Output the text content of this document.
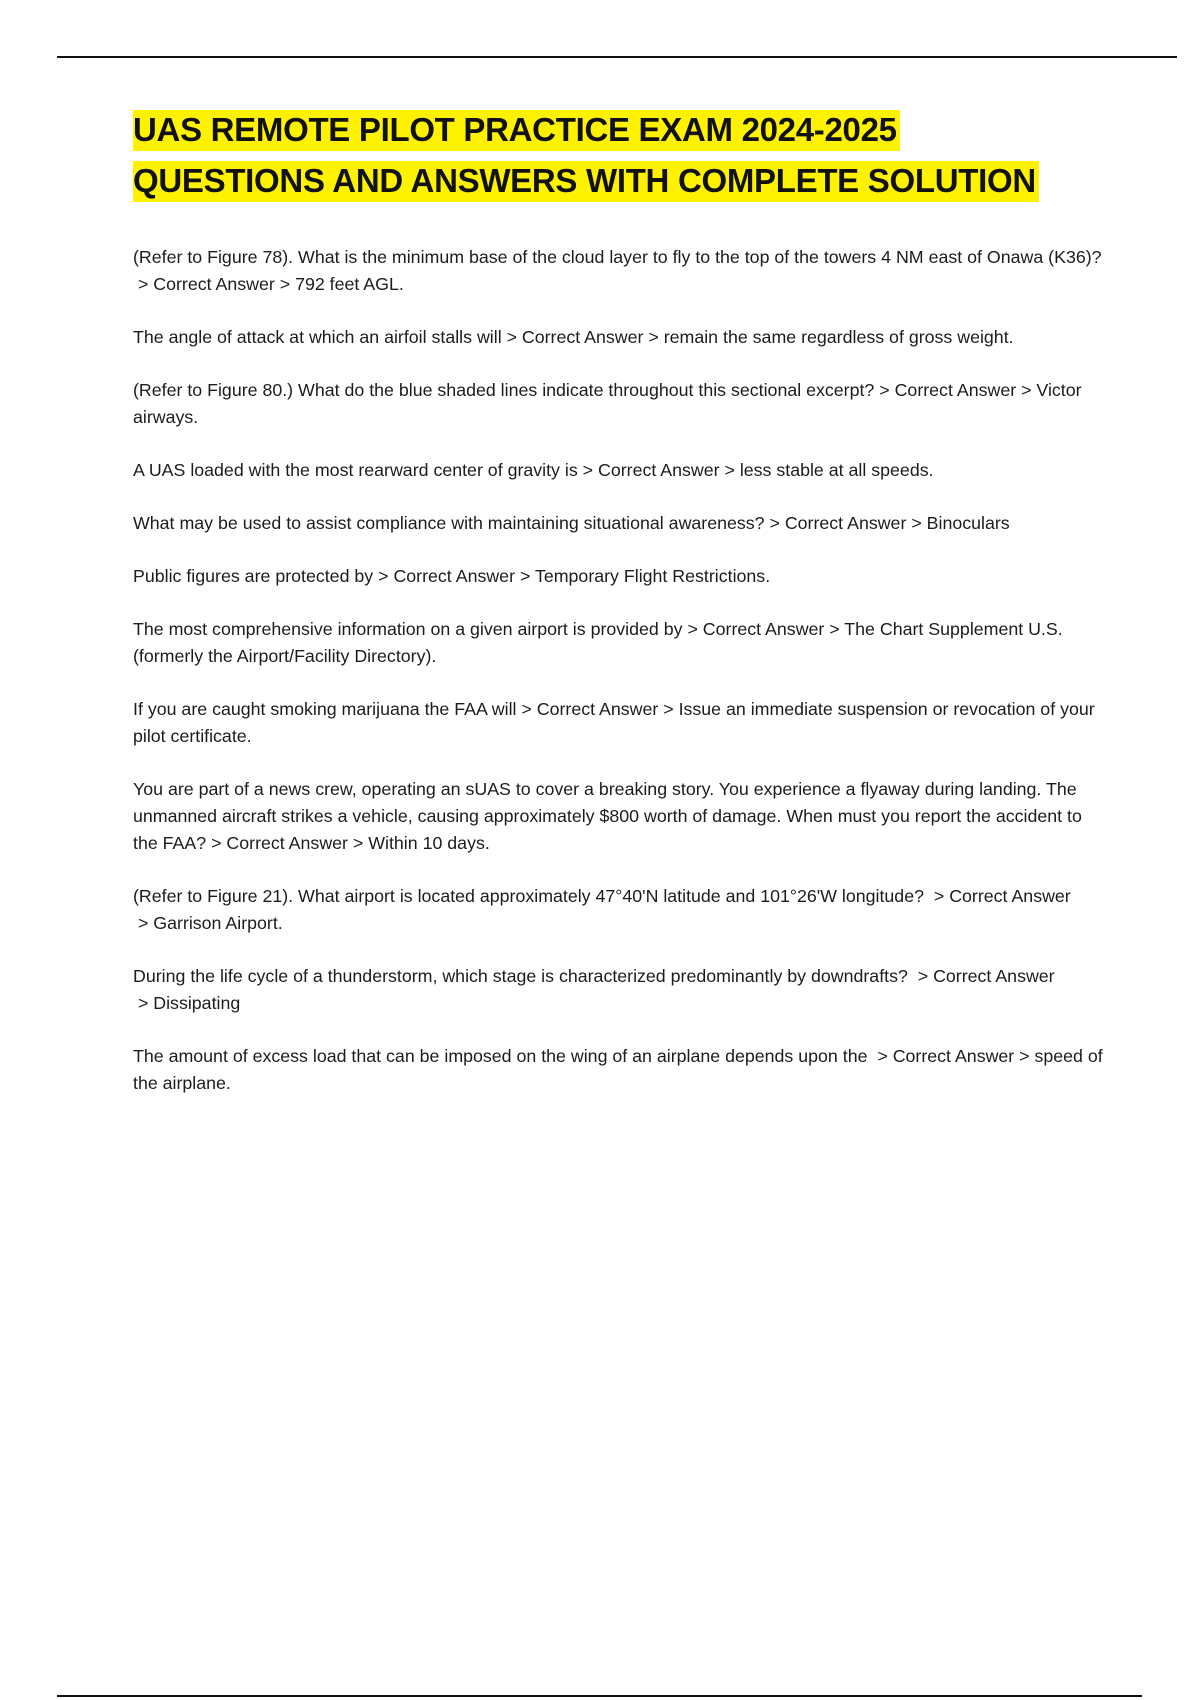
UAS REMOTE PILOT PRACTICE EXAM 2024-2025
QUESTIONS AND ANSWERS WITH COMPLETE SOLUTION
(Refer to Figure 78). What is the minimum base of the cloud layer to fly to the top of the towers 4 NM east of Onawa (K36)? > Correct Answer > 792 feet AGL.
The angle of attack at which an airfoil stalls will > Correct Answer > remain the same regardless of gross weight.
(Refer to Figure 80.) What do the blue shaded lines indicate throughout this sectional excerpt? > Correct Answer > Victor airways.
A UAS loaded with the most rearward center of gravity is > Correct Answer > less stable at all speeds.
What may be used to assist compliance with maintaining situational awareness? > Correct Answer > Binoculars
Public figures are protected by > Correct Answer > Temporary Flight Restrictions.
The most comprehensive information on a given airport is provided by > Correct Answer > The Chart Supplement U.S. (formerly the Airport/Facility Directory).
If you are caught smoking marijuana the FAA will > Correct Answer > Issue an immediate suspension or revocation of your pilot certificate.
You are part of a news crew, operating an sUAS to cover a breaking story. You experience a flyaway during landing. The unmanned aircraft strikes a vehicle, causing approximately $800 worth of damage. When must you report the accident to the FAA? > Correct Answer > Within 10 days.
(Refer to Figure 21). What airport is located approximately 47°40'N latitude and 101°26'W longitude?  > Correct Answer > Garrison Airport.
During the life cycle of a thunderstorm, which stage is characterized predominantly by downdrafts?  > Correct Answer > Dissipating
The amount of excess load that can be imposed on the wing of an airplane depends upon the  > Correct Answer > speed of the airplane.
